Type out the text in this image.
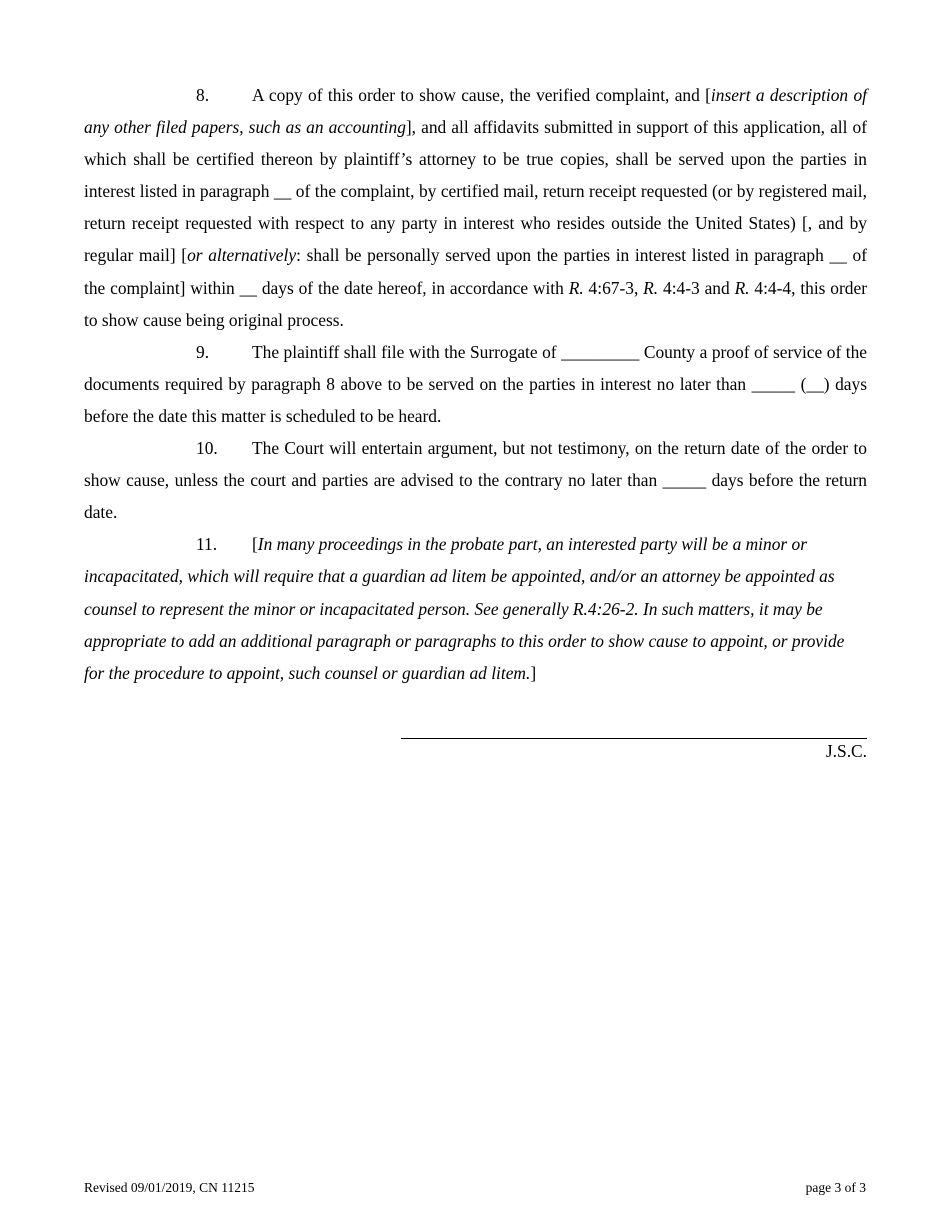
8. A copy of this order to show cause, the verified complaint, and [insert a description of any other filed papers, such as an accounting], and all affidavits submitted in support of this application, all of which shall be certified thereon by plaintiff’s attorney to be true copies, shall be served upon the parties in interest listed in paragraph __ of the complaint, by certified mail, return receipt requested (or by registered mail, return receipt requested with respect to any party in interest who resides outside the United States) [, and by regular mail] [or alternatively: shall be personally served upon the parties in interest listed in paragraph __ of the complaint] within __ days of the date hereof, in accordance with R. 4:67-3, R. 4:4-3 and R. 4:4-4, this order to show cause being original process.

9. The plaintiff shall file with the Surrogate of _________ County a proof of service of the documents required by paragraph 8 above to be served on the parties in interest no later than _____ (__) days before the date this matter is scheduled to be heard.

10. The Court will entertain argument, but not testimony, on the return date of the order to show cause, unless the court and parties are advised to the contrary no later than _____ days before the return date.

11. [In many proceedings in the probate part, an interested party will be a minor or incapacitated, which will require that a guardian ad litem be appointed, and/or an attorney be appointed as counsel to represent the minor or incapacitated person. See generally R.4:26-2. In such matters, it may be appropriate to add an additional paragraph or paragraphs to this order to show cause to appoint, or provide for the procedure to appoint, such counsel or guardian ad litem.]

J.S.C.
Revised 09/01/2019, CN 11215	page 3 of 3
